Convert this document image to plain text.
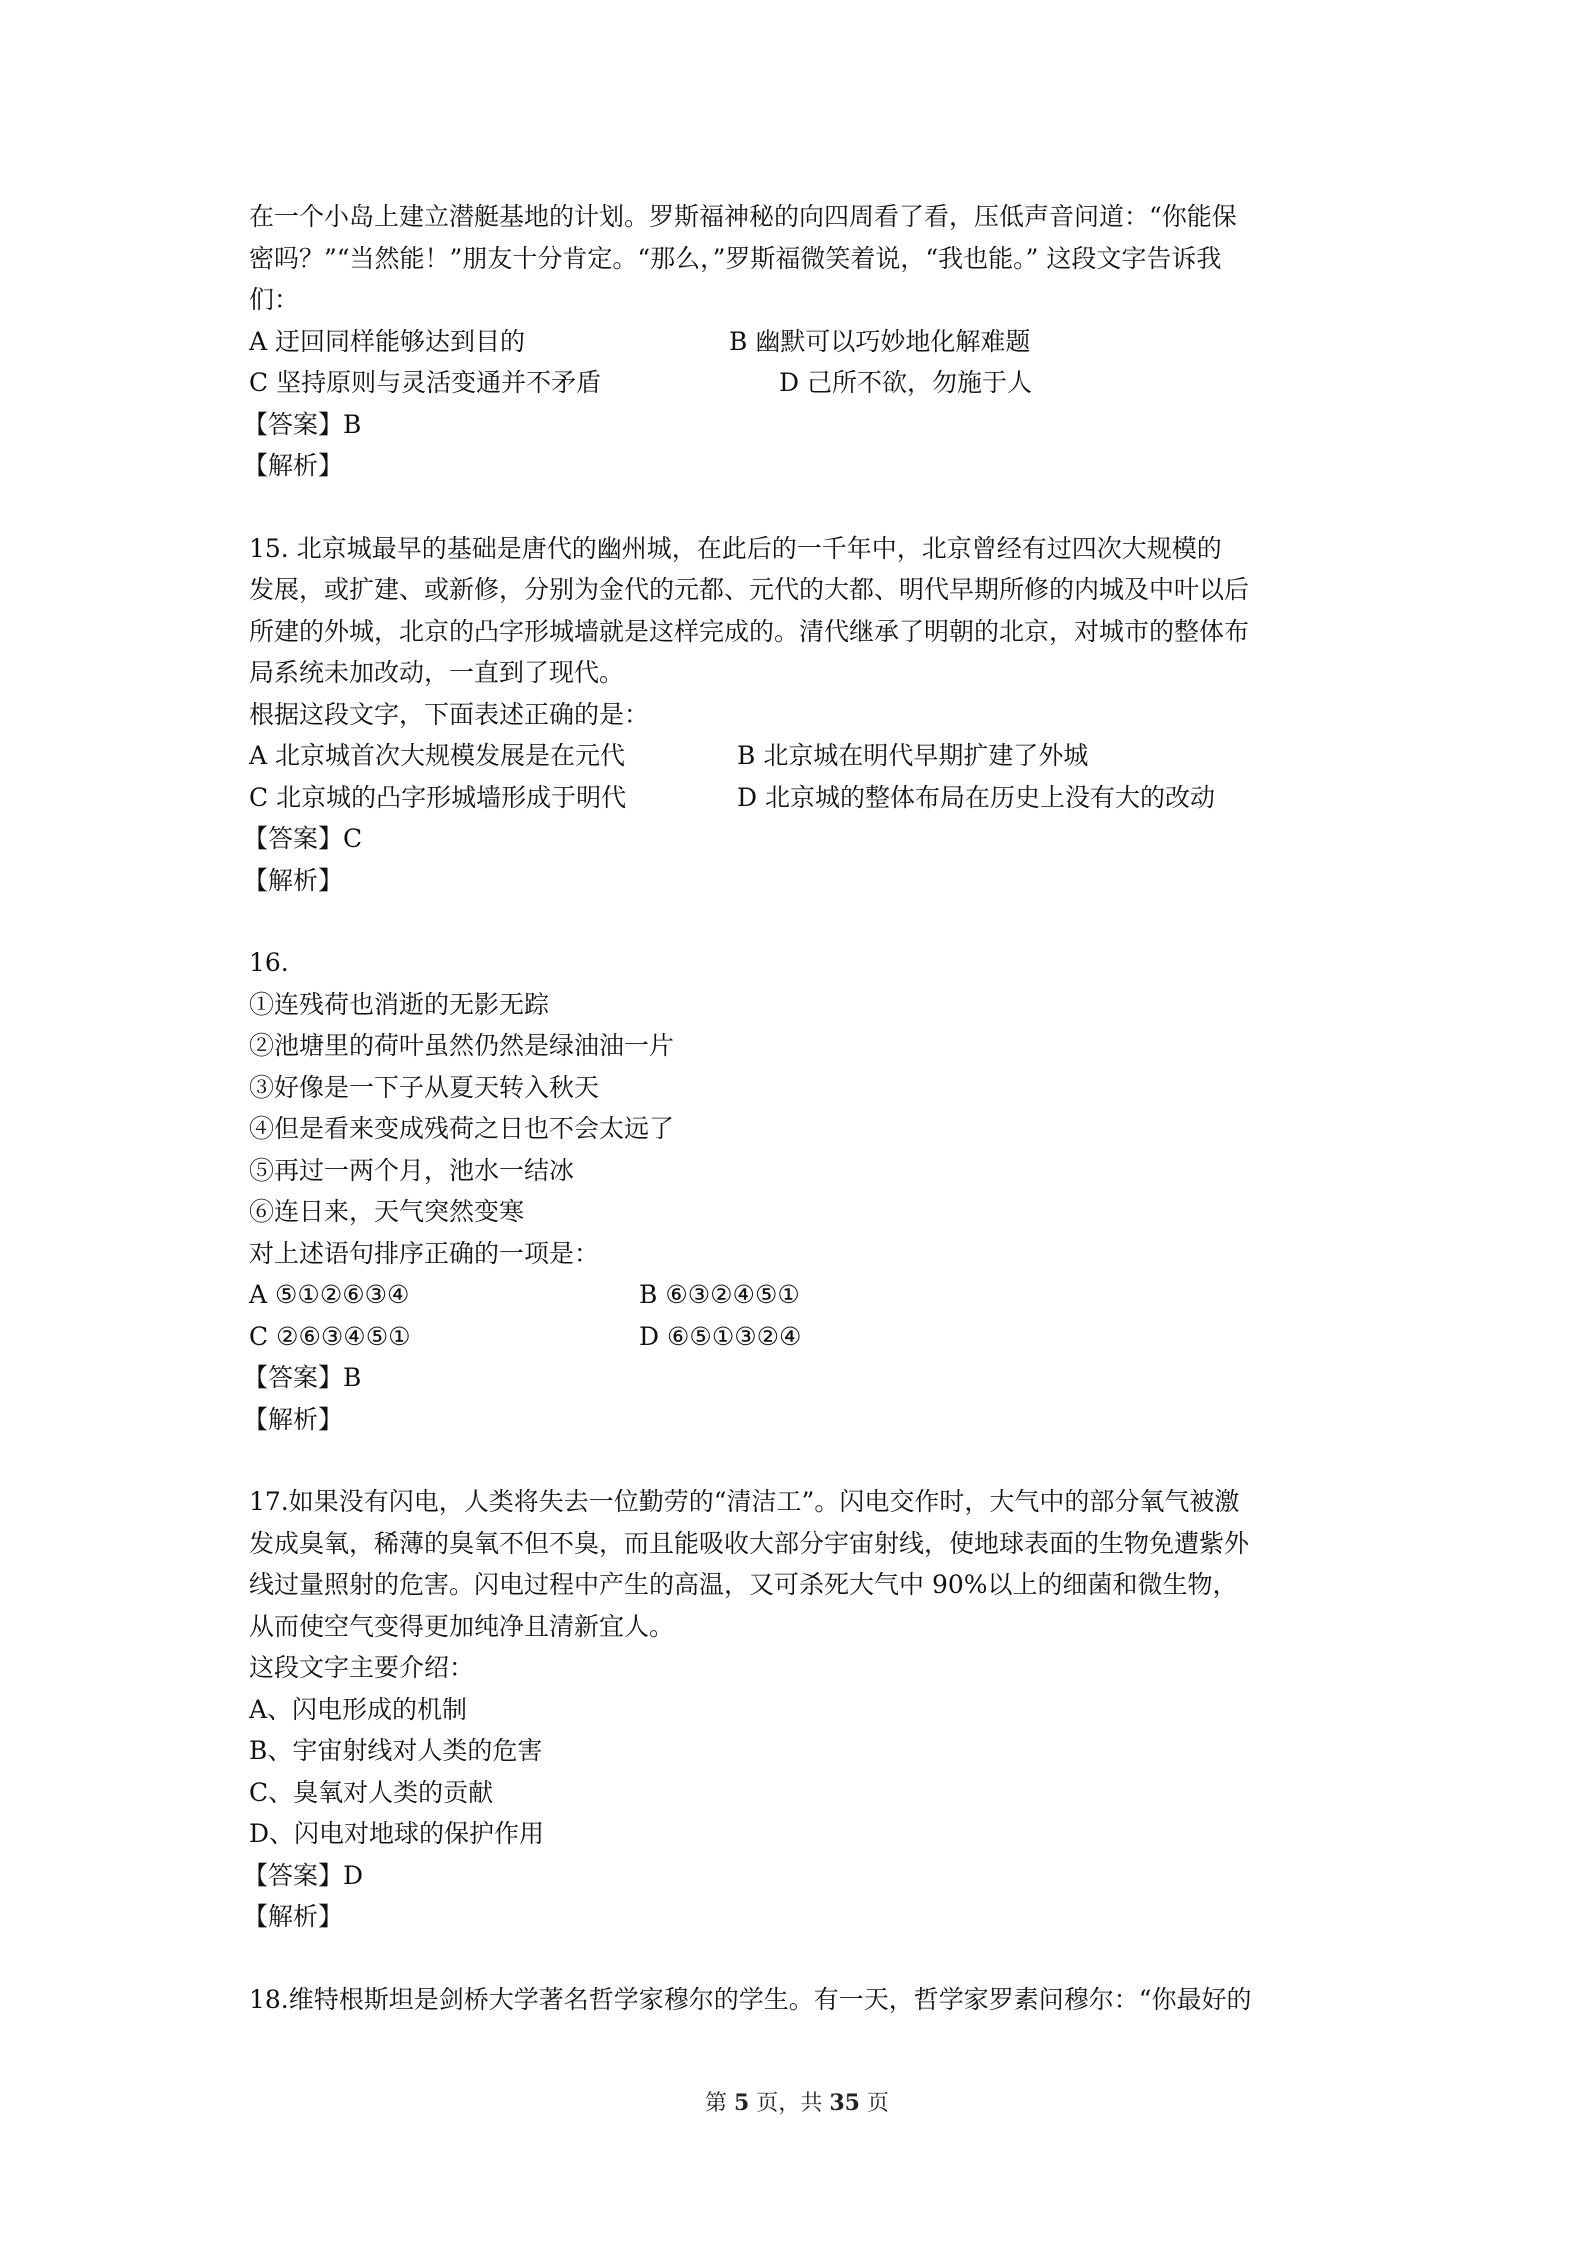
在一个小岛上建立潜艇基地的计划。罗斯福神秘的向四周看了看，压低声音问道：“你能保

密吗？”“当然能！”朋友十分肯定。“那么，”罗斯福微笑着说，“我也能。” 这段文字告诉我

们：

A 迂回同样能够达到目的	B 幽默可以巧妙地化解难题
C 坚持原则与灵活变通并不矛盾	D 己所不欲，勿施于人

【答案】B

【解析】

15. 北京城最早的基础是唐代的幽州城，在此后的一千年中，北京曾经有过四次大规模的

发展，或扩建、或新修，分别为金代的元都、元代的大都、明代早期所修的内城及中叶以后

所建的外城，北京的凸字形城墙就是这样完成的。清代继承了明朝的北京，对城市的整体布

局系统未加改动，一直到了现代。

根据这段文字，下面表述正确的是：

A 北京城首次大规模发展是在元代	B 北京城在明代早期扩建了外城
C 北京城的凸字形城墙形成于明代	D 北京城的整体布局在历史上没有大的改动

【答案】C

【解析】

16.

①连残荷也消逝的无影无踪

②池塘里的荷叶虽然仍然是绿油油一片

③好像是一下子从夏天转入秋天

④但是看来变成残荷之日也不会太远了

⑤再过一两个月，池水一结冰

⑥连日来，天气突然变寒

对上述语句排序正确的一项是：

A ⑤①②⑥③④	B ⑥③②④⑤①
C ②⑥③④⑤①	D ⑥⑤①③②④

【答案】B

【解析】

17.如果没有闪电，人类将失去一位勤劳的“清洁工”。闪电交作时，大气中的部分氧气被激

发成臭氧，稀薄的臭氧不但不臭，而且能吸收大部分宇宙射线，使地球表面的生物免遭紫外

线过量照射的危害。闪电过程中产生的高温，又可杀死大气中 90%以上的细菌和微生物，

从而使空气变得更加纯净且清新宜人。

这段文字主要介绍：

A、闪电形成的机制

B、宇宙射线对人类的危害

C、臭氧对人类的贡献

D、闪电对地球的保护作用

【答案】D

【解析】

18.维特根斯坦是剑桥大学著名哲学家穆尔的学生。有一天，哲学家罗素问穆尔：“你最好的

第 5 页，共 35 页
